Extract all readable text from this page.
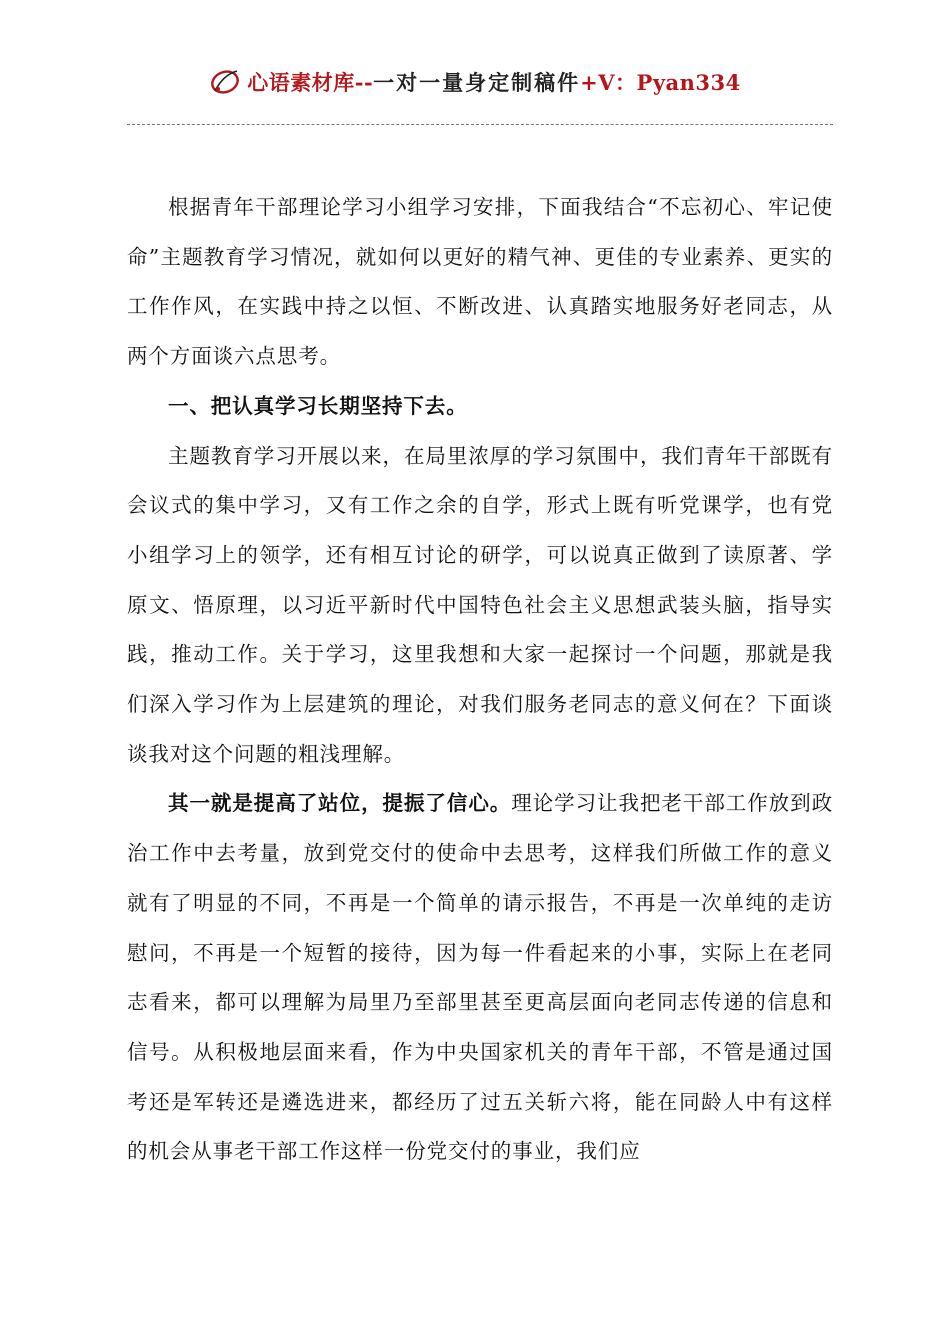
心语素材库--一对一量身定制稿件+V：Pyan334

根据青年干部理论学习小组学习安排，下面我结合“不忘初心、牢记使命”主题教育学习情况，就如何以更好的精气神、更佳的专业素养、更实的工作作风，在实践中持之以恒、不断改进、认真踏实地服务好老同志，从两个方面谈六点思考。

一、把认真学习长期坚持下去。

主题教育学习开展以来，在局里浓厚的学习氛围中，我们青年干部既有会议式的集中学习，又有工作之余的自学，形式上既有听党课学，也有党小组学习上的领学，还有相互讨论的研学，可以说真正做到了读原著、学原文、悟原理，以习近平新时代中国特色社会主义思想武装头脑，指导实践，推动工作。关于学习，这里我想和大家一起探讨一个问题，那就是我们深入学习作为上层建筑的理论，对我们服务老同志的意义何在？下面谈谈我对这个问题的粗浅理解。

其一就是提高了站位，提振了信心。理论学习让我把老干部工作放到政治工作中去考量，放到党交付的使命中去思考，这样我们所做工作的意义就有了明显的不同，不再是一个简单的请示报告，不再是一次单纯的走访慰问，不再是一个短暂的接待，因为每一件看起来的小事，实际上在老同志看来，都可以理解为局里乃至部里甚至更高层面向老同志传递的信息和信号。从积极地层面来看，作为中央国家机关的青年干部，不管是通过国考还是军转还是遴选进来，都经历了过五关斩六将，能在同龄人中有这样的机会从事老干部工作这样一份党交付的事业，我们应
